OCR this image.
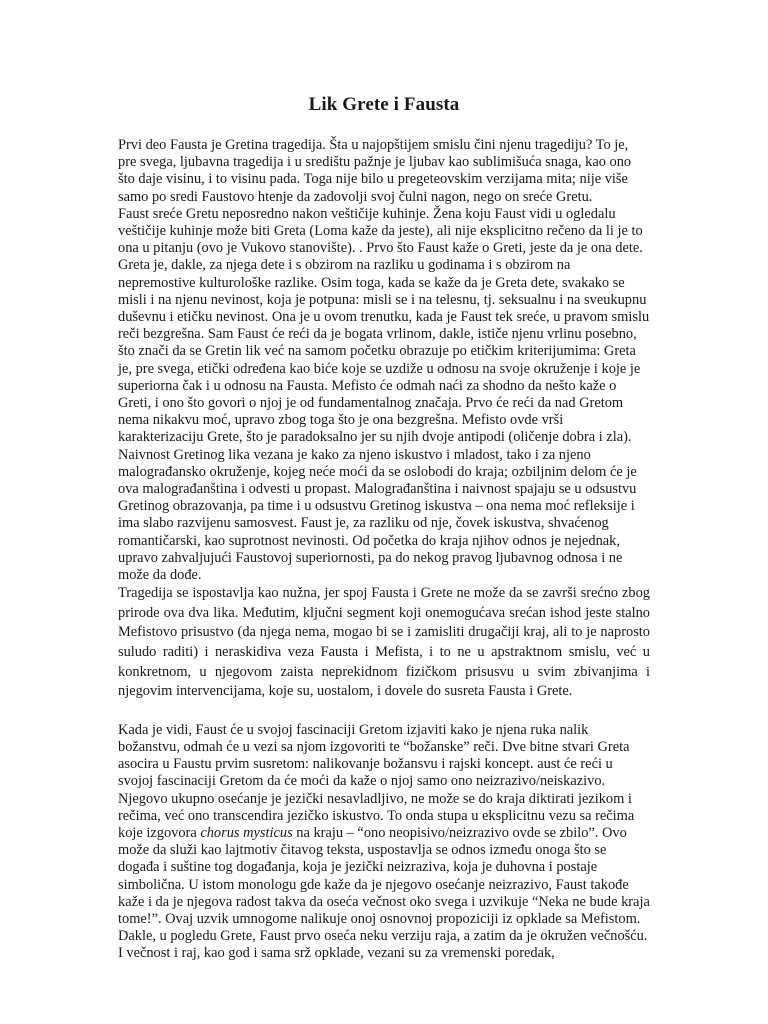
Lik Grete i Fausta

Prvi deo Fausta je Gretina tragedija. Šta u najopštijem smislu čini njenu tragediju? To je, pre svega, ljubavna tragedija i u središtu pažnje je ljubav kao sublimišuća snaga, kao ono što daje visinu, i to visinu pada. Toga nije bilo u pregeteovskim verzijama mita; nije više samo po sredi Faustovo htenje da zadovolji svoj čulni nagon, nego on sreće Gretu.

Faust sreće Gretu neposredno nakon veštičije kuhinje. Ženа koju Faust vidi u ogledalu veštičije kuhinje može biti Greta (Loma kaže da jeste), ali nije eksplicitno rečeno da li je to ona u pitanju (ovo je Vukovo stanovište). . Prvo što Faust kaže o Greti, jeste da je ona dete. Greta je, dakle, za njega dete i s obzirom na razliku u godinama i s obzirom na nepremostive kulturološke razlike. Osim toga, kada se kaže da je Greta dete, svakako se misli i na njenu nevinost, koja je potpuna: misli se i na telesnu, tj. seksualnu i na sveukupnu duševnu i etičku nevinost. Ona je u ovom trenutku, kada je Faust tek sreće, u pravom smislu reči bezgrešna. Sam Faust će reći da je bogata vrlinom, dakle, ističe njenu vrlinu posebno, što znači da se Gretin lik već na samom početku obrazuje po etičkim kriterijumima: Greta je, pre svega, etički određena kao biće koje se uzdiže u odnosu na svoje okruženje i koje je superiorna čak i u odnosu na Fausta. Mefisto će odmah naći za shodno da nešto kaže o Greti, i ono što govori o njoj je od fundamentalnog značaja. Prvo će reći da nad Gretom nema nikakvu moć, upravo zbog toga što je ona bezgrešna. Mefisto ovde vrši karakterizaciju Grete, što je paradoksalno jer su njih dvoje antipodi (oličenje dobra i zla).

Naivnost Gretinog lika vezana je kako za njeno iskustvo i mladost, tako i za njeno malograđansko okruženje, kojeg neće moći da se oslobodi do kraja; ozbiljnim delom će je ova malograđanština i odvesti u propast. Malograđanština i naivnost spajaju se u odsustvu Gretinog obrazovanja, pa time i u odsustvu Gretinog iskustva – ona nema moć refleksije i ima slabo razvijenu samosvest. Faust je, za razliku od nje, čovek iskustva, shvaćenog romantičarski, kao suprotnost nevinosti. Od početka do kraja njihov odnos je nejednak, upravo zahvaljujući Faustovoj superiornosti, pa do nekog pravog ljubavnog odnosa i ne može da dođe.

Tragedija se ispostavlja kao nužna, jer spoj Fausta i Grete ne može da se završi srećno zbog prirode ova dva lika. Međutim, ključni segment koji onemogućava srećan ishod jeste stalno Mefistovo prisustvo (da njega nema, mogao bi se i zamisliti drugačiji kraj, ali to je naprosto suludo raditi) i neraskidiva veza Fausta i Mefista, i to ne u apstraktnom smislu, već u konkretnom, u njegovom zaista neprekidnom fizičkom prisusvu u svim zbivanjima i njegovim intervencijama, koje su, uostalom, i dovele do susreta Fausta i Grete.

Kada je vidi, Faust će u svojoj fascinaciji Gretom izjaviti kako je njena ruka nalik božanstvu, odmah će u vezi sa njom izgovoriti te “božanske” reči. Dve bitne stvari Greta asocira u Faustu prvim susretom: nalikovanje božansvu i rajski koncept. aust će reći u svojoj fascinaciji Gretom da će moći da kaže o njoj samo ono neizrazivo/neiskazivo. Njegovo ukupno osećanje je jezički nesavladljivo, ne može se do kraja diktirati jezikom i rečima, već ono transcendira jezičko iskustvo. To onda stupa u eksplicitnu vezu sa rečima koje izgovora chorus mysticus na kraju – “ono neopisivo/neizrazivo ovde se zbilo”. Ovo može da služi kao lajtmotiv čitavog teksta, uspostavlja se odnos između onoga što se događa i suštine tog događanja, koja je jezički neizraziva, koja je duhovna i postaje simbolična. U istom monologu gde kaže da je njegovo osećanje neizrazivo, Faust takođe kaže i da je njegova radost takva da oseća večnost oko svega i uzvikuje “Neka ne bude kraja tome!”. Ovaj uzvik umnogome nalikuje onoj osnovnoj propoziciji iz opklade sa Mefistom. Dakle, u pogledu Grete, Faust prvo oseća neku verziju raja, a zatim da je okružen večnošću. I večnost i raj, kao god i sama srž opklade, vezani su za vremenski poredak,
